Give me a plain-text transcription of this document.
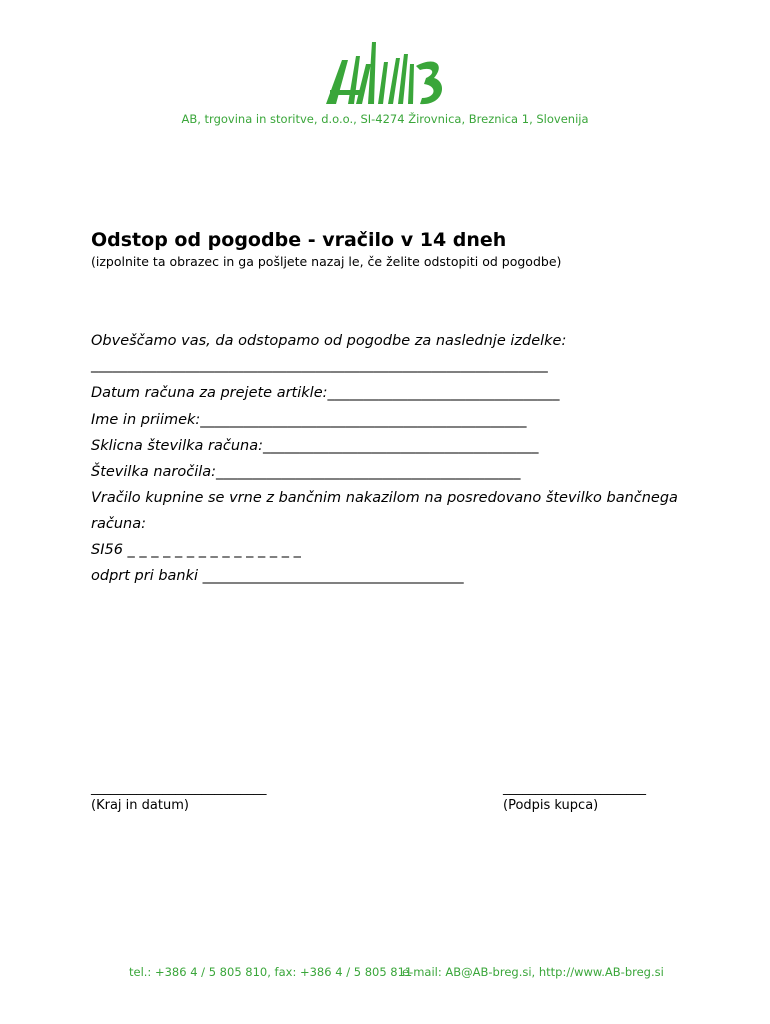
AB, trgovina in storitve, d.o.o., SI-4274 Žirovnica, Breznica 1, Slovenija
Odstop od pogodbe - vračilo v 14 dneh
(izpolnite ta obrazec in ga pošljete nazaj le, če želite odstopiti od pogodbe)
Obveščamo vas, da odstopamo od pogodbe za naslednje izdelke:
_______________________________________________________________
Datum računa za prejete artikle:________________________________
Ime in priimek:_____________________________________________
Sklicna številka računa:______________________________________
Številka naročila:__________________________________________
Vračilo kupnine se vrne z bančnim nakazilom na posredovano številko bančnega
računa:
SI56 _ _ _ _ _ _ _ _ _ _ _ _ _ _ _
odprt pri banki ____________________________________
___________________________
(Kraj in datum)
______________________
(Podpis kupca)
tel.: +386 4 / 5 805 810, fax: +386 4 / 5 805 811
e-mail: AB@AB-breg.si, http://www.AB-breg.si
